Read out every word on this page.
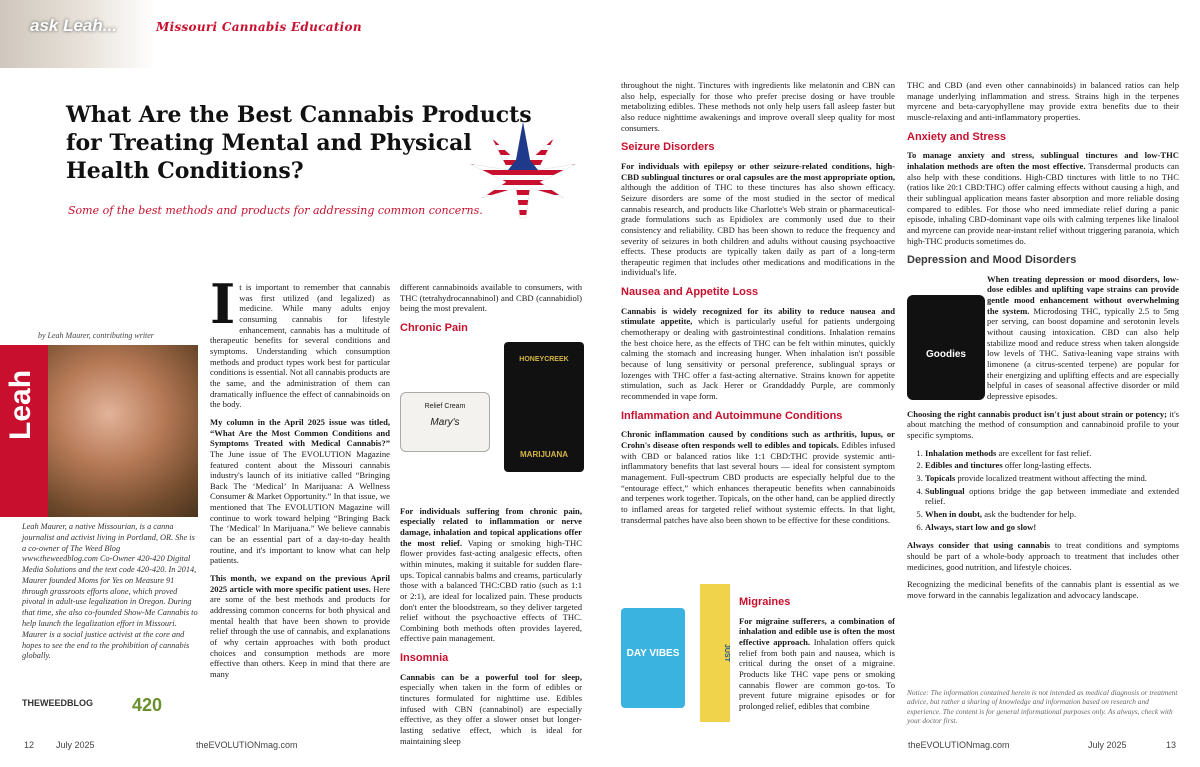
ask Leah...	Missouri Cannabis Education
What Are the Best Cannabis Products for Treating Mental and Physical Health Conditions?
Some of the best methods and products for addressing common concerns.
by Leah Maurer, contributing writer
Leah
Leah Maurer, a native Missourian, is a canna journalist and activist living in Portland, OR. She is a co-owner of The Weed Blog www.theweedblog.com Co-Owner 420-420 Digital Media Solutions and the text code 420-420. In 2014, Maurer founded Moms for Yes on Measure 91 through grassroots efforts alone, which proved pivotal in adult-use legalization in Oregon. During that time, she also co-founded Show-Me Cannabis to help launch the legalization effort in Missouri. Maurer is a social justice activist at the core and hopes to see the end to the prohibition of cannabis globally.
THEWEEDBLOG 420

It is important to remember that cannabis was first utilized (and legalized) as medicine. While many adults enjoy consuming cannabis for lifestyle enhancement, cannabis has a multitude of therapeutic benefits for several conditions and symptoms. Understanding which consumption methods and product types work best for particular conditions is essential. Not all cannabis products are the same, and the administration of them can dramatically influence the effect of cannabinoids on the body.

My column in the April 2025 issue was titled, “What Are the Most Common Conditions and Symptoms Treated with Medical Cannabis?” The June issue of The EVOLUTION Magazine featured content about the Missouri cannabis industry's launch of its initiative called “Bringing Back The ‘Medical’ In Marijuana: A Wellness Consumer & Market Opportunity.” In that issue, we mentioned that The EVOLUTION Magazine will continue to work toward helping “Bringing Back The ‘Medical’ In Marijuana.” We believe cannabis can be an essential part of a day-to-day health routine, and it's important to know what can help patients.

This month, we expand on the previous April 2025 article with more specific patient uses. Here are some of the best methods and products for addressing common concerns for both physical and mental health that have been shown to provide relief through the use of cannabis, and explanations of why certain approaches with both product choices and consumption methods are more effective than others. Keep in mind that there are many

different cannabinoids available to consumers, with THC (tetrahydrocannabinol) and CBD (cannabidiol) being the most prevalent.

Chronic Pain
Relief Cream
Mary's
MARIJUANA
HONEYCREEK

For individuals suffering from chronic pain, especially related to inflammation or nerve damage, inhalation and topical applications offer the most relief. Vaping or smoking high-THC flower provides fast-acting analgesic effects, often within minutes, making it suitable for sudden flare-ups. Topical cannabis balms and creams, particularly those with a balanced THC:CBD ratio (such as 1:1 or 2:1), are ideal for localized pain. These products don't enter the bloodstream, so they deliver targeted relief without the psychoactive effects of THC. Combining both methods often provides layered, effective pain management.

Insomnia

Cannabis can be a powerful tool for sleep, especially when taken in the form of edibles or tinctures formulated for nighttime use. Edibles infused with CBN (cannabinol) are especially effective, as they offer a slower onset but longer-lasting sedative effect, which is ideal for maintaining sleep

throughout the night. Tinctures with ingredients like melatonin and CBN can also help, especially for those who prefer precise dosing or have trouble metabolizing edibles. These methods not only help users fall asleep faster but also reduce nighttime awakenings and improve overall sleep quality for most consumers.

Seizure Disorders

For individuals with epilepsy or other seizure-related conditions, high-CBD sublingual tinctures or oral capsules are the most appropriate option, although the addition of THC to these tinctures has also shown efficacy. Seizure disorders are some of the most studied in the sector of medical cannabis research, and products like Charlotte's Web strain or pharmaceutical-grade formulations such as Epidiolex are commonly used due to their consistency and reliability. CBD has been shown to reduce the frequency and severity of seizures in both children and adults without causing psychoactive effects. These products are typically taken daily as part of a long-term therapeutic regimen that includes other medications and modifications in the individual's life.

Nausea and Appetite Loss

Cannabis is widely recognized for its ability to reduce nausea and stimulate appetite, which is particularly useful for patients undergoing chemotherapy or dealing with gastrointestinal conditions. Inhalation remains the best choice here, as the effects of THC can be felt within minutes, quickly calming the stomach and increasing hunger. When inhalation isn't possible because of lung sensitivity or personal preference, sublingual sprays or lozenges with THC offer a fast-acting alternative. Strains known for appetite stimulation, such as Jack Herer or Granddaddy Purple, are commonly recommended in vape form.

Inflammation and Autoimmune Conditions

Chronic inflammation caused by conditions such as arthritis, lupus, or Crohn's disease often responds well to edibles and topicals. Edibles infused with CBD or balanced ratios like 1:1 CBD:THC provide systemic anti-inflammatory benefits that last several hours — ideal for consistent symptom management. Full-spectrum CBD products are especially helpful due to the “entourage effect,” which enhances therapeutic benefits when cannabinoids and terpenes work together. Topicals, on the other hand, can be applied directly to inflamed areas for targeted relief without systemic effects. In that light, transdermal patches have also been shown to be effective for these conditions.

DAY VIBES	JUST
Migraines

For migraine sufferers, a combination of inhalation and edible use is often the most effective approach. Inhalation offers quick relief from both pain and nausea, which is critical during the onset of a migraine. Products like THC vape pens or smoking cannabis flower are common go-tos. To prevent future migraine episodes or for prolonged relief, edibles that combine

THC and CBD (and even other cannabinoids) in balanced ratios can help manage underlying inflammation and stress. Strains high in the terpenes myrcene and beta-caryophyllene may provide extra benefits due to their muscle-relaxing and anti-inflammatory properties.

Anxiety and Stress

To manage anxiety and stress, sublingual tinctures and low-THC inhalation methods are often the most effective. Transdermal products can also help with these conditions. High-CBD tinctures with little to no THC (ratios like 20:1 CBD:THC) offer calming effects without causing a high, and their sublingual application means faster absorption and more reliable dosing compared to edibles. For those who need immediate relief during a panic episode, inhaling CBD-dominant vape oils with calming terpenes like linalool and myrcene can provide near-instant relief without triggering paranoia, which high-THC products sometimes do.

Depression and Mood Disorders

When treating depression or mood disorders, low-dose edibles and uplifting vape strains can provide gentle mood enhancement without overwhelming the system. Microdosing THC, typically 2.5 to 5mg per serving, can boost dopamine and serotonin levels without causing intoxication. CBD can also help stabilize mood and reduce stress when taken alongside low levels of THC. Sativa-leaning vape strains with limonene (a citrus-scented terpene) are popular for their energizing and uplifting effects and are especially helpful in cases of seasonal affective disorder or mild depressive episodes.

Choosing the right cannabis product isn't just about strain or potency; it's about matching the method of consumption and cannabinoid profile to your specific symptoms.

1. Inhalation methods are excellent for fast relief.
2. Edibles and tinctures offer long-lasting effects.
3. Topicals provide localized treatment without affecting the mind.
4. Sublingual options bridge the gap between immediate and extended relief.
5. When in doubt, ask the budtender for help.
6. Always, start low and go slow!

Always consider that using cannabis to treat conditions and symptoms should be part of a whole-body approach to treatment that includes other medicines, good nutrition, and lifestyle choices.

Recognizing the medicinal benefits of the cannabis plant is essential as we move forward in the cannabis legalization and advocacy landscape.

Goodies
Notice: The information contained herein is not intended as medical diagnosis or treatment advice, but rather a sharing of knowledge and information based on research and experience. The content is for general informational purposes only. As always, check with your doctor first.
12 July 2025	theEVOLUTIONmag.com	theEVOLUTIONmag.com	July 2025	13
